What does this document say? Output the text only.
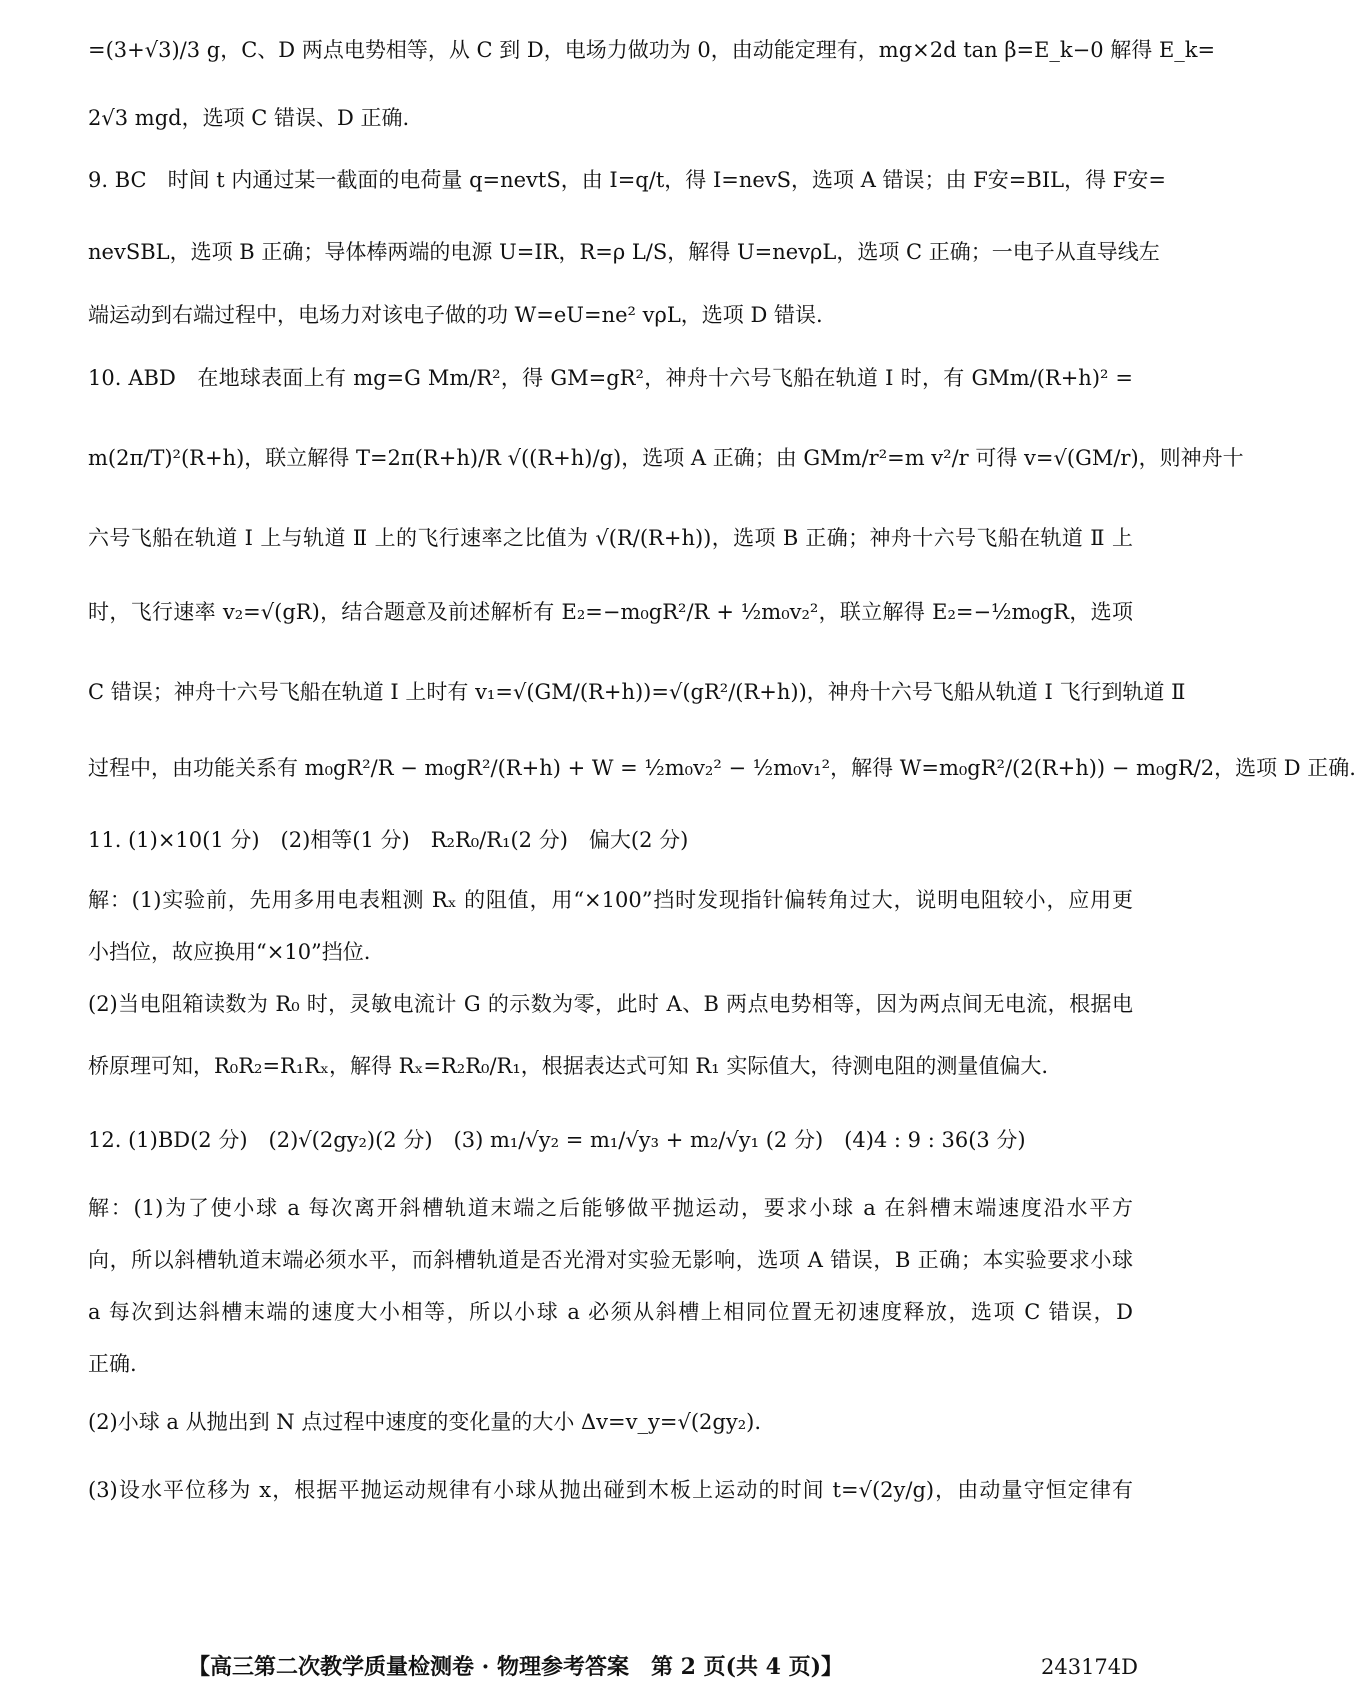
=(3+√3)/3 g，C、D 两点电势相等，从 C 到 D，电场力做功为 0，由动能定理有，mg×2d tan β=E_k−0 解得 E_k=
2√3 mgd，选项 C 错误、D 正确.
9. BC　时间 t 内通过某一截面的电荷量 q=nevtS，由 I=q/t，得 I=nevS，选项 A 错误；由 F安=BIL，得 F安=
nevSBL，选项 B 正确；导体棒两端的电源 U=IR，R=ρ L/S，解得 U=nevρL，选项 C 正确；一电子从直导线左
端运动到右端过程中，电场力对该电子做的功 W=eU=ne² vρL，选项 D 错误.
10. ABD　在地球表面上有 mg=G Mm/R²，得 GM=gR²，神舟十六号飞船在轨道 Ⅰ 时，有 GMm/(R+h)² =
m(2π/T)²(R+h)，联立解得 T=2π(R+h)/R √((R+h)/g)，选项 A 正确；由 GMm/r²=m v²/r 可得 v=√(GM/r)，则神舟十
六号飞船在轨道 Ⅰ 上与轨道 Ⅱ 上的飞行速率之比值为 √(R/(R+h))，选项 B 正确；神舟十六号飞船在轨道 Ⅱ 上
时，飞行速率 v₂=√(gR)，结合题意及前述解析有 E₂=−m₀gR²/R + ½m₀v₂²，联立解得 E₂=−½m₀gR，选项
C 错误；神舟十六号飞船在轨道 Ⅰ 上时有 v₁=√(GM/(R+h))=√(gR²/(R+h))，神舟十六号飞船从轨道 Ⅰ 飞行到轨道 Ⅱ
过程中，由功能关系有 m₀gR²/R − m₀gR²/(R+h) + W = ½m₀v₂² − ½m₀v₁²，解得 W=m₀gR²/(2(R+h)) − m₀gR/2，选项 D 正确.
11. (1)×10(1 分)　(2)相等(1 分)　R₂R₀/R₁(2 分)　偏大(2 分)
解：(1)实验前，先用多用电表粗测 Rₓ 的阻值，用“×100”挡时发现指针偏转角过大，说明电阻较小，应用更
小挡位，故应换用“×10”挡位.
(2)当电阻箱读数为 R₀ 时，灵敏电流计 G 的示数为零，此时 A、B 两点电势相等，因为两点间无电流，根据电
桥原理可知，R₀R₂=R₁Rₓ，解得 Rₓ=R₂R₀/R₁，根据表达式可知 R₁ 实际值大，待测电阻的测量值偏大.
12. (1)BD(2 分)　(2)√(2gy₂)(2 分)　(3) m₁/√y₂ = m₁/√y₃ + m₂/√y₁ (2 分)　(4)4 : 9 : 36(3 分)
解：(1)为了使小球 a 每次离开斜槽轨道末端之后能够做平抛运动，要求小球 a 在斜槽末端速度沿水平方
向，所以斜槽轨道末端必须水平，而斜槽轨道是否光滑对实验无影响，选项 A 错误，B 正确；本实验要求小球
a 每次到达斜槽末端的速度大小相等，所以小球 a 必须从斜槽上相同位置无初速度释放，选项 C 错误，D
正确.
(2)小球 a 从抛出到 N 点过程中速度的变化量的大小 Δv=v_y=√(2gy₂).
(3)设水平位移为 x，根据平抛运动规律有小球从抛出碰到木板上运动的时间 t=√(2y/g)，由动量守恒定律有
【高三第二次教学质量检测卷 · 物理参考答案　第 2 页(共 4 页)】	243174D
